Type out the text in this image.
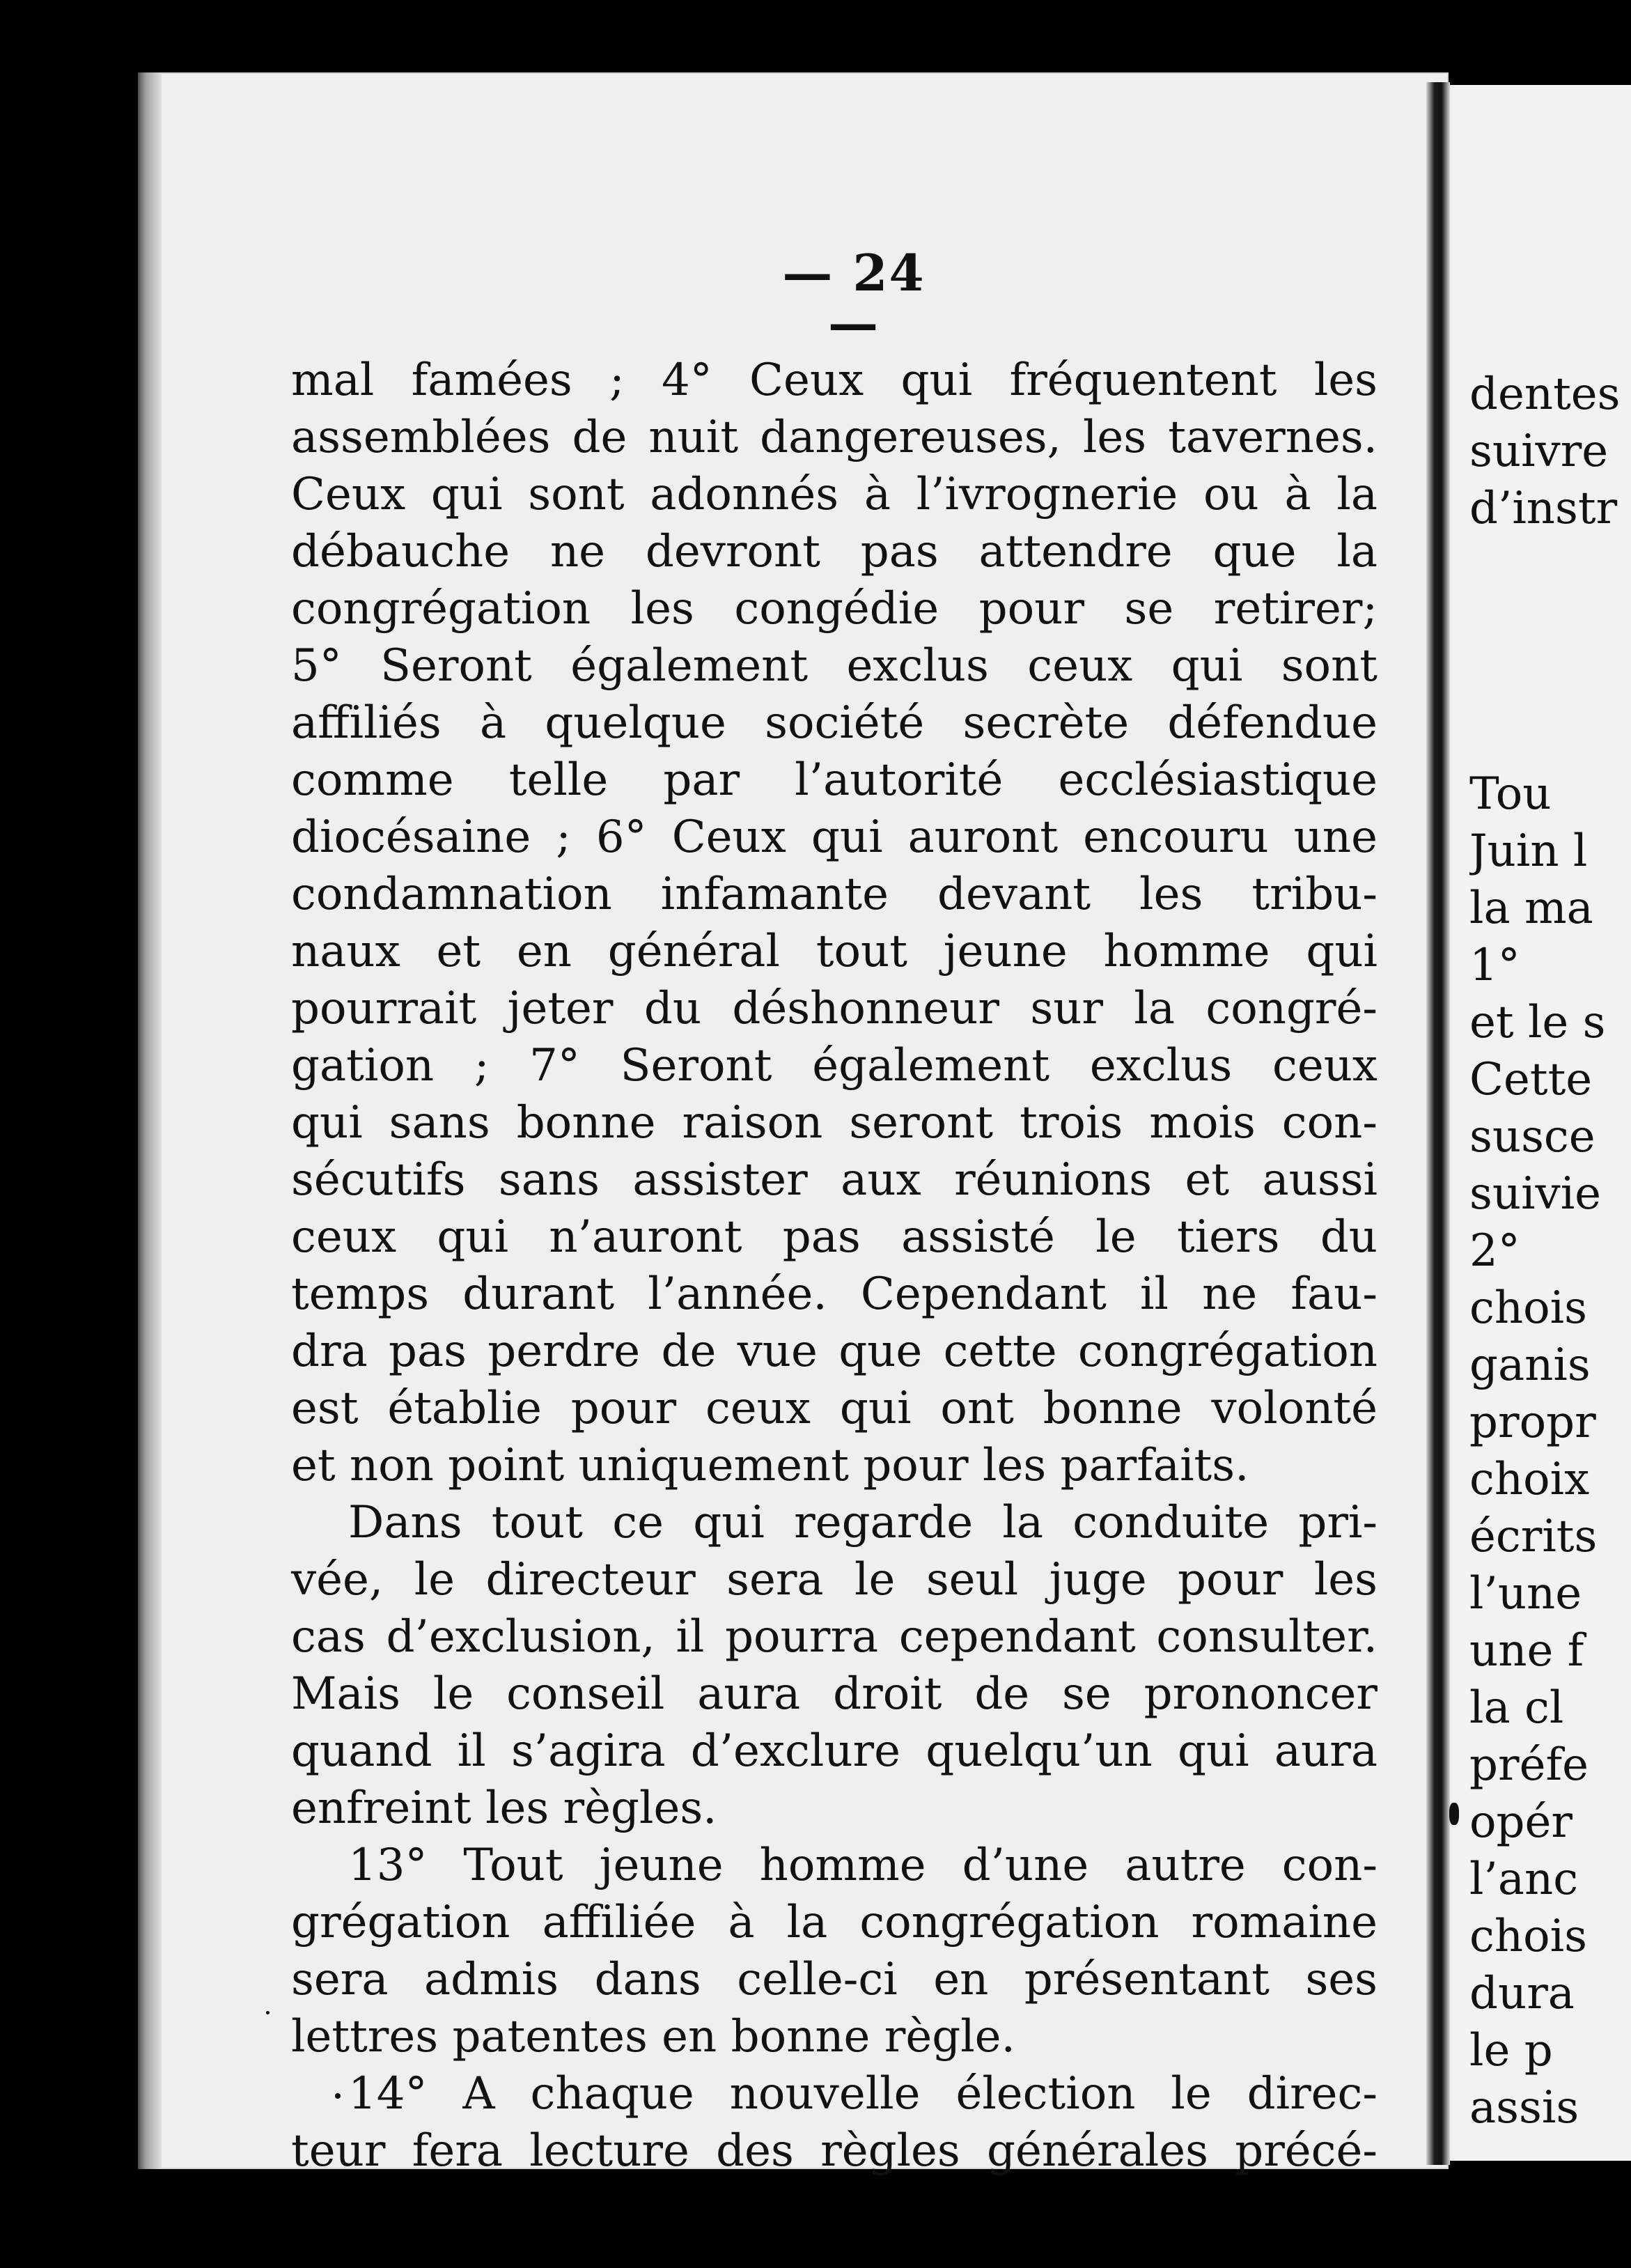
— 24 —
mal famées ; 4° Ceux qui fréquentent les
assemblées de nuit dangereuses, les tavernes.
Ceux qui sont adonnés à l’ivrognerie ou à la
débauche ne devront pas attendre que la
congrégation les congédie pour se retirer;
5° Seront également exclus ceux qui sont
affiliés à quelque société secrète défendue
comme telle par l’autorité ecclésiastique
diocésaine ; 6° Ceux qui auront encouru une
condamnation infamante devant les tribu-
naux et en général tout jeune homme qui
pourrait jeter du déshonneur sur la congré-
gation ; 7° Seront également exclus ceux
qui sans bonne raison seront trois mois con-
sécutifs sans assister aux réunions et aussi
ceux qui n’auront pas assisté le tiers du
temps durant l’année. Cependant il ne fau-
dra pas perdre de vue que cette congrégation
est établie pour ceux qui ont bonne volonté
et non point uniquement pour les parfaits.
Dans tout ce qui regarde la conduite pri-
vée, le directeur sera le seul juge pour les
cas d’exclusion, il pourra cependant consulter.
Mais le conseil aura droit de se prononcer
quand il s’agira d’exclure quelqu’un qui aura
enfreint les règles.
13° Tout jeune homme d’une autre con-
grégation affiliée à la congrégation romaine
sera admis dans celle-ci en présentant ses
lettres patentes en bonne règle.
14° A chaque nouvelle élection le direc-
teur fera lecture des règles générales précé-
dentes
suivre
d’instr
Tou
Juin l
la ma
1°
et le s
Cette
susce
suivie
2°
chois
ganis
propr
choix
écrits
l’une
une f
la cl
préfe
opér
l’anc
chois
dura
le p
assis
